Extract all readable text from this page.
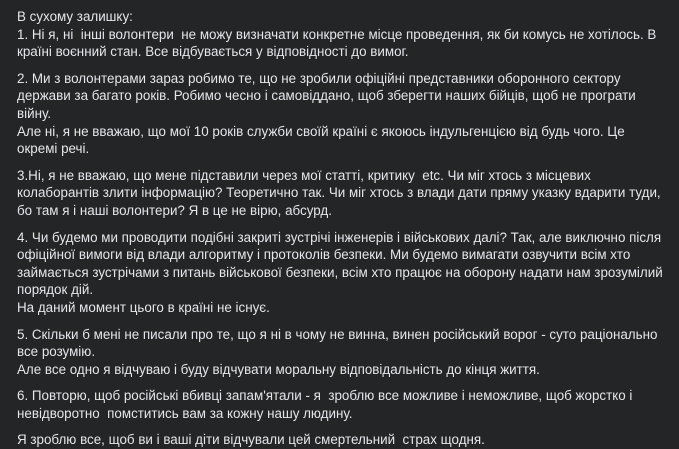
В сухому залишку:
1. Ні я, ні  інші волонтери  не можу визначати конкретне місце проведення, як би комусь не хотілось. В країні воєнний стан. Все відбувається у відповідності до вимог.

2. Ми з волонтерами зараз робимо те, що не зробили офіційні представники оборонного сектору держави за багато років. Робимо чесно і самовіддано, щоб зберегти наших бійців, щоб не програти війну.
Але ні, я не вважаю, що мої 10 років служби своїй країні є якоюсь індульгенцією від будь чого. Це окремі речі.

3.Ні, я не вважаю, що мене підставили через мої статті, критику  etc. Чи міг хтось з місцевих колаборантів злити інформацію? Теоретично так. Чи міг хтось з влади дати пряму указку вдарити туди, бо там я і наші волонтери? Я в це не вірю, абсурд.

4. Чи будемо ми проводити подібні закриті зустрічі інженерів і військових далі? Так, але виключно після офіційної вимоги від влади алгоритму і протоколів безпеки. Ми будемо вимагати озвучити всім хто займається зустрічами з питань військової безпеки, всім хто працює на оборону надати нам зрозумілий порядок дій.
На даний момент цього в країні не існує.

5. Скільки б мені не писали про те, що я ні в чому не винна, винен російський ворог - суто раціонально все розумію.
Але все одно я відчуваю і буду відчувати моральну відповідальність до кінця життя.

6. Повторю, щоб російські вбивці запам'ятали - я  зроблю все можливе і неможливе, щоб жорстко і невідворотно  помститись вам за кожну нашу людину.

Я зроблю все, щоб ви і ваші діти відчували цей смертельний  страх щодня.
